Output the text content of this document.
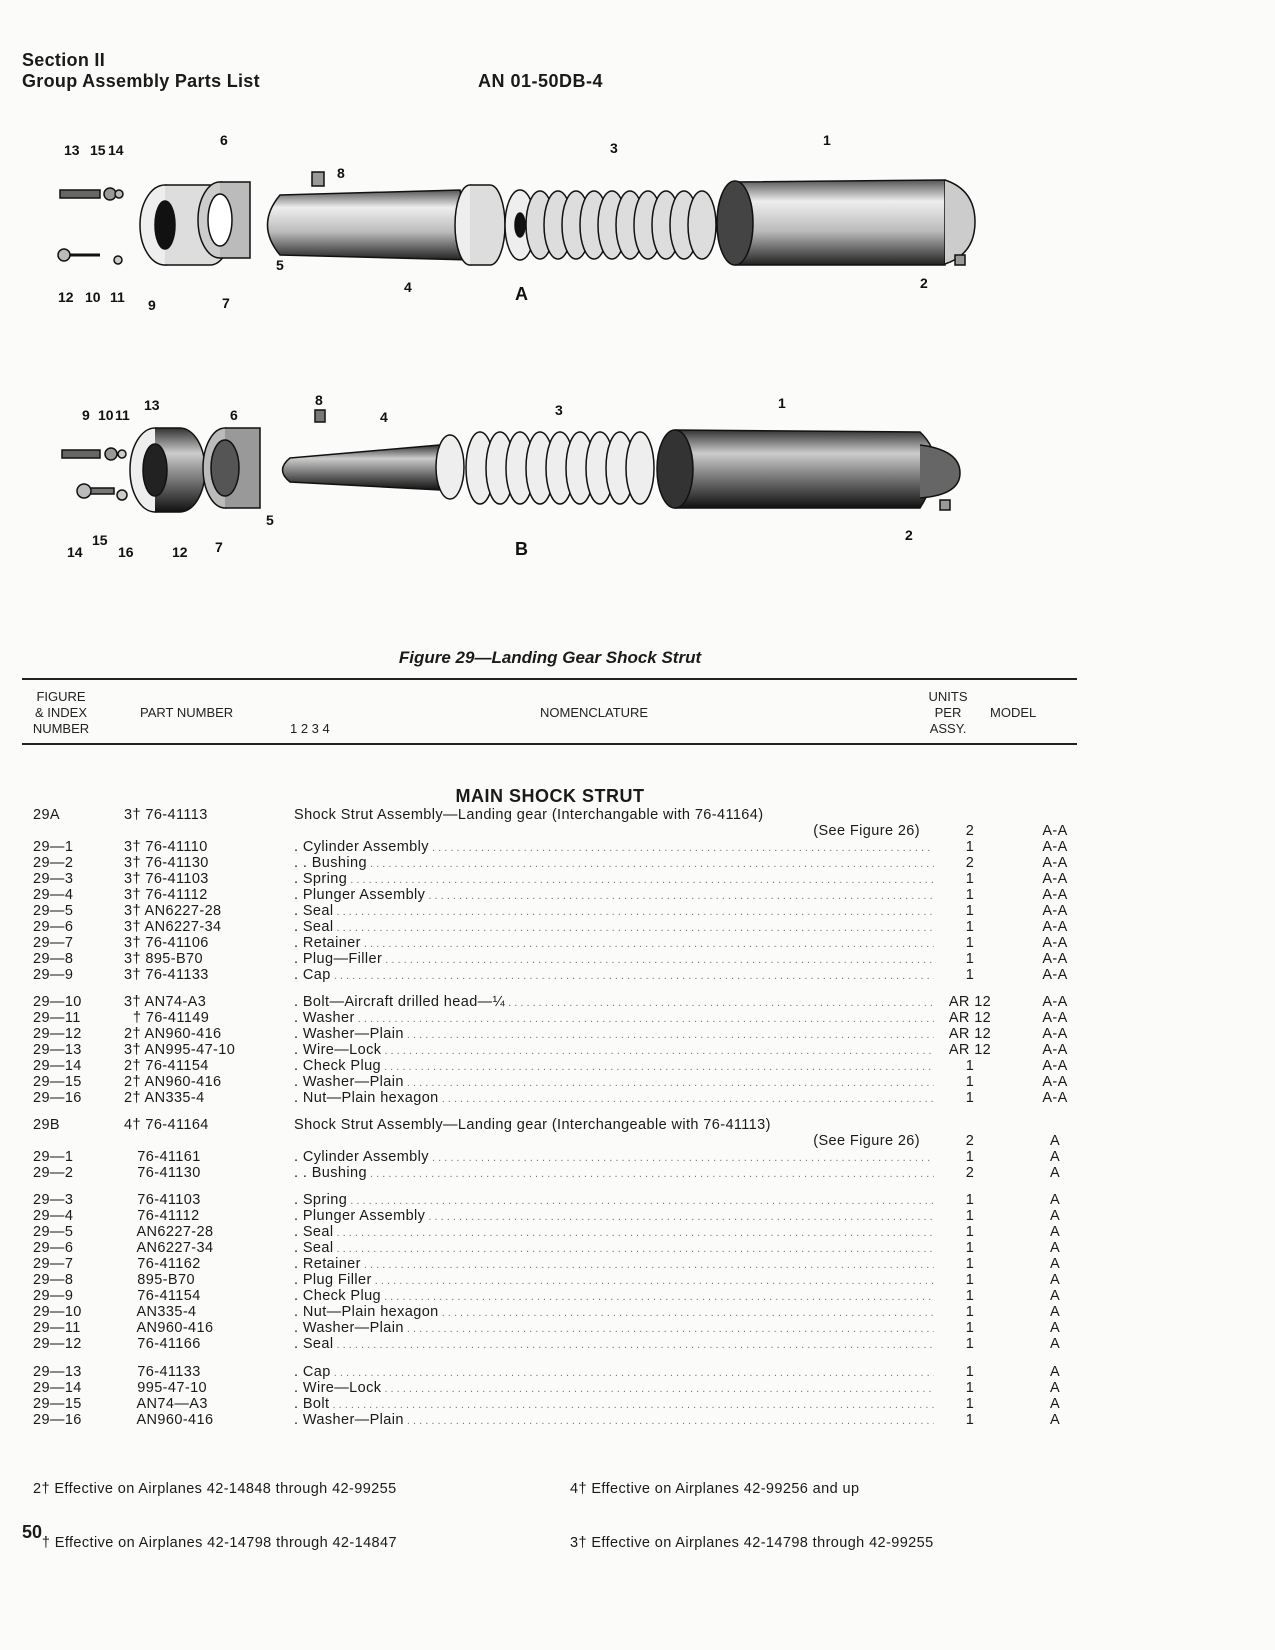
Section II
Group Assembly Parts List	AN 01-50DB-4
13 15 14
6
8
3	1
12 10 11 9	7
5
4	2
A
9 10 11
13
6
8
4	3	1
14
15
16	12 7
5
2
B
Figure 29—Landing Gear Shock Strut
FIGURE
& INDEX
NUMBER
PART NUMBER
1 2 3 4
NOMENCLATURE
UNITS
PER
ASSY.
MODEL
MAIN SHOCK STRUT
29A	3† 76-41113	Shock Strut Assembly—Landing gear (Interchangable with 76-41164)
(See Figure 26)	2	A-A
29—1	3† 76-41110	. Cylinder Assembly . . .	1	A-A
29—2	3† 76-41130	. . Bushing . . .	2	A-A
29—3	3† 76-41103	. Spring . . .	1	A-A
29—4	3† 76-41112	. Plunger Assembly . . .	1	A-A
29—5	3† AN6227-28	. Seal . . .	1	A-A
29—6	3† AN6227-34	. Seal . . .	1	A-A
29—7	3† 76-41106	. Retainer . . .	1	A-A
29—8	3† 895-B70	. Plug—Filler . . .	1	A-A
29—9	3† 76-41133	. Cap . . .	1	A-A
29—10	3† AN74-A3	. Bolt—Aircraft drilled head—¼ . . .	AR 12	A-A
29—11	† 76-41149	. Washer . . .	AR 12	A-A
29—12	2† AN960-416	. Washer—Plain . . .	AR 12	A-A
29—13	3† AN995-47-10	. Wire—Lock . . .	AR 12	A-A
29—14	2† 76-41154	. Check Plug . . .	1	A-A
29—15	2† AN960-416	. Washer—Plain . . .	1	A-A
29—16	2† AN335-4	. Nut—Plain hexagon . . .	1	A-A
29B	4† 76-41164	Shock Strut Assembly—Landing gear (Interchangeable with 76-41113)
(See Figure 26)	2	A
29—1	76-41161	. Cylinder Assembly . . .	1	A
29—2	76-41130	. . Bushing . . .	2	A
29—3	76-41103	. Spring . . .	1	A
29—4	76-41112	. Plunger Assembly . . .	1	A
29—5	AN6227-28	. Seal . . .	1	A
29—6	AN6227-34	. Seal . . .	1	A
29—7	76-41162	. Retainer . . .	1	A
29—8	895-B70	. Plug Filler . . .	1	A
29—9	76-41154	. Check Plug . . .	1	A
29—10	AN335-4	. Nut—Plain hexagon . . .	1	A
29—11	AN960-416	. Washer—Plain . . .	1	A
29—12	76-41166	. Seal . . .	1	A
29—13	76-41133	. Cap . . .	1	A
29—14	995-47-10	. Wire—Lock . . .	1	A
29—15	AN74—A3	. Bolt . . .	1	A
29—16	AN960-416	. Washer—Plain . . .	1	A

2† Effective on Airplanes 42-14848 through 42-99255

† Effective on Airplanes 42-14798 through 42-14847

4† Effective on Airplanes 42-99256 and up

3† Effective on Airplanes 42-14798 through 42-99255

50
